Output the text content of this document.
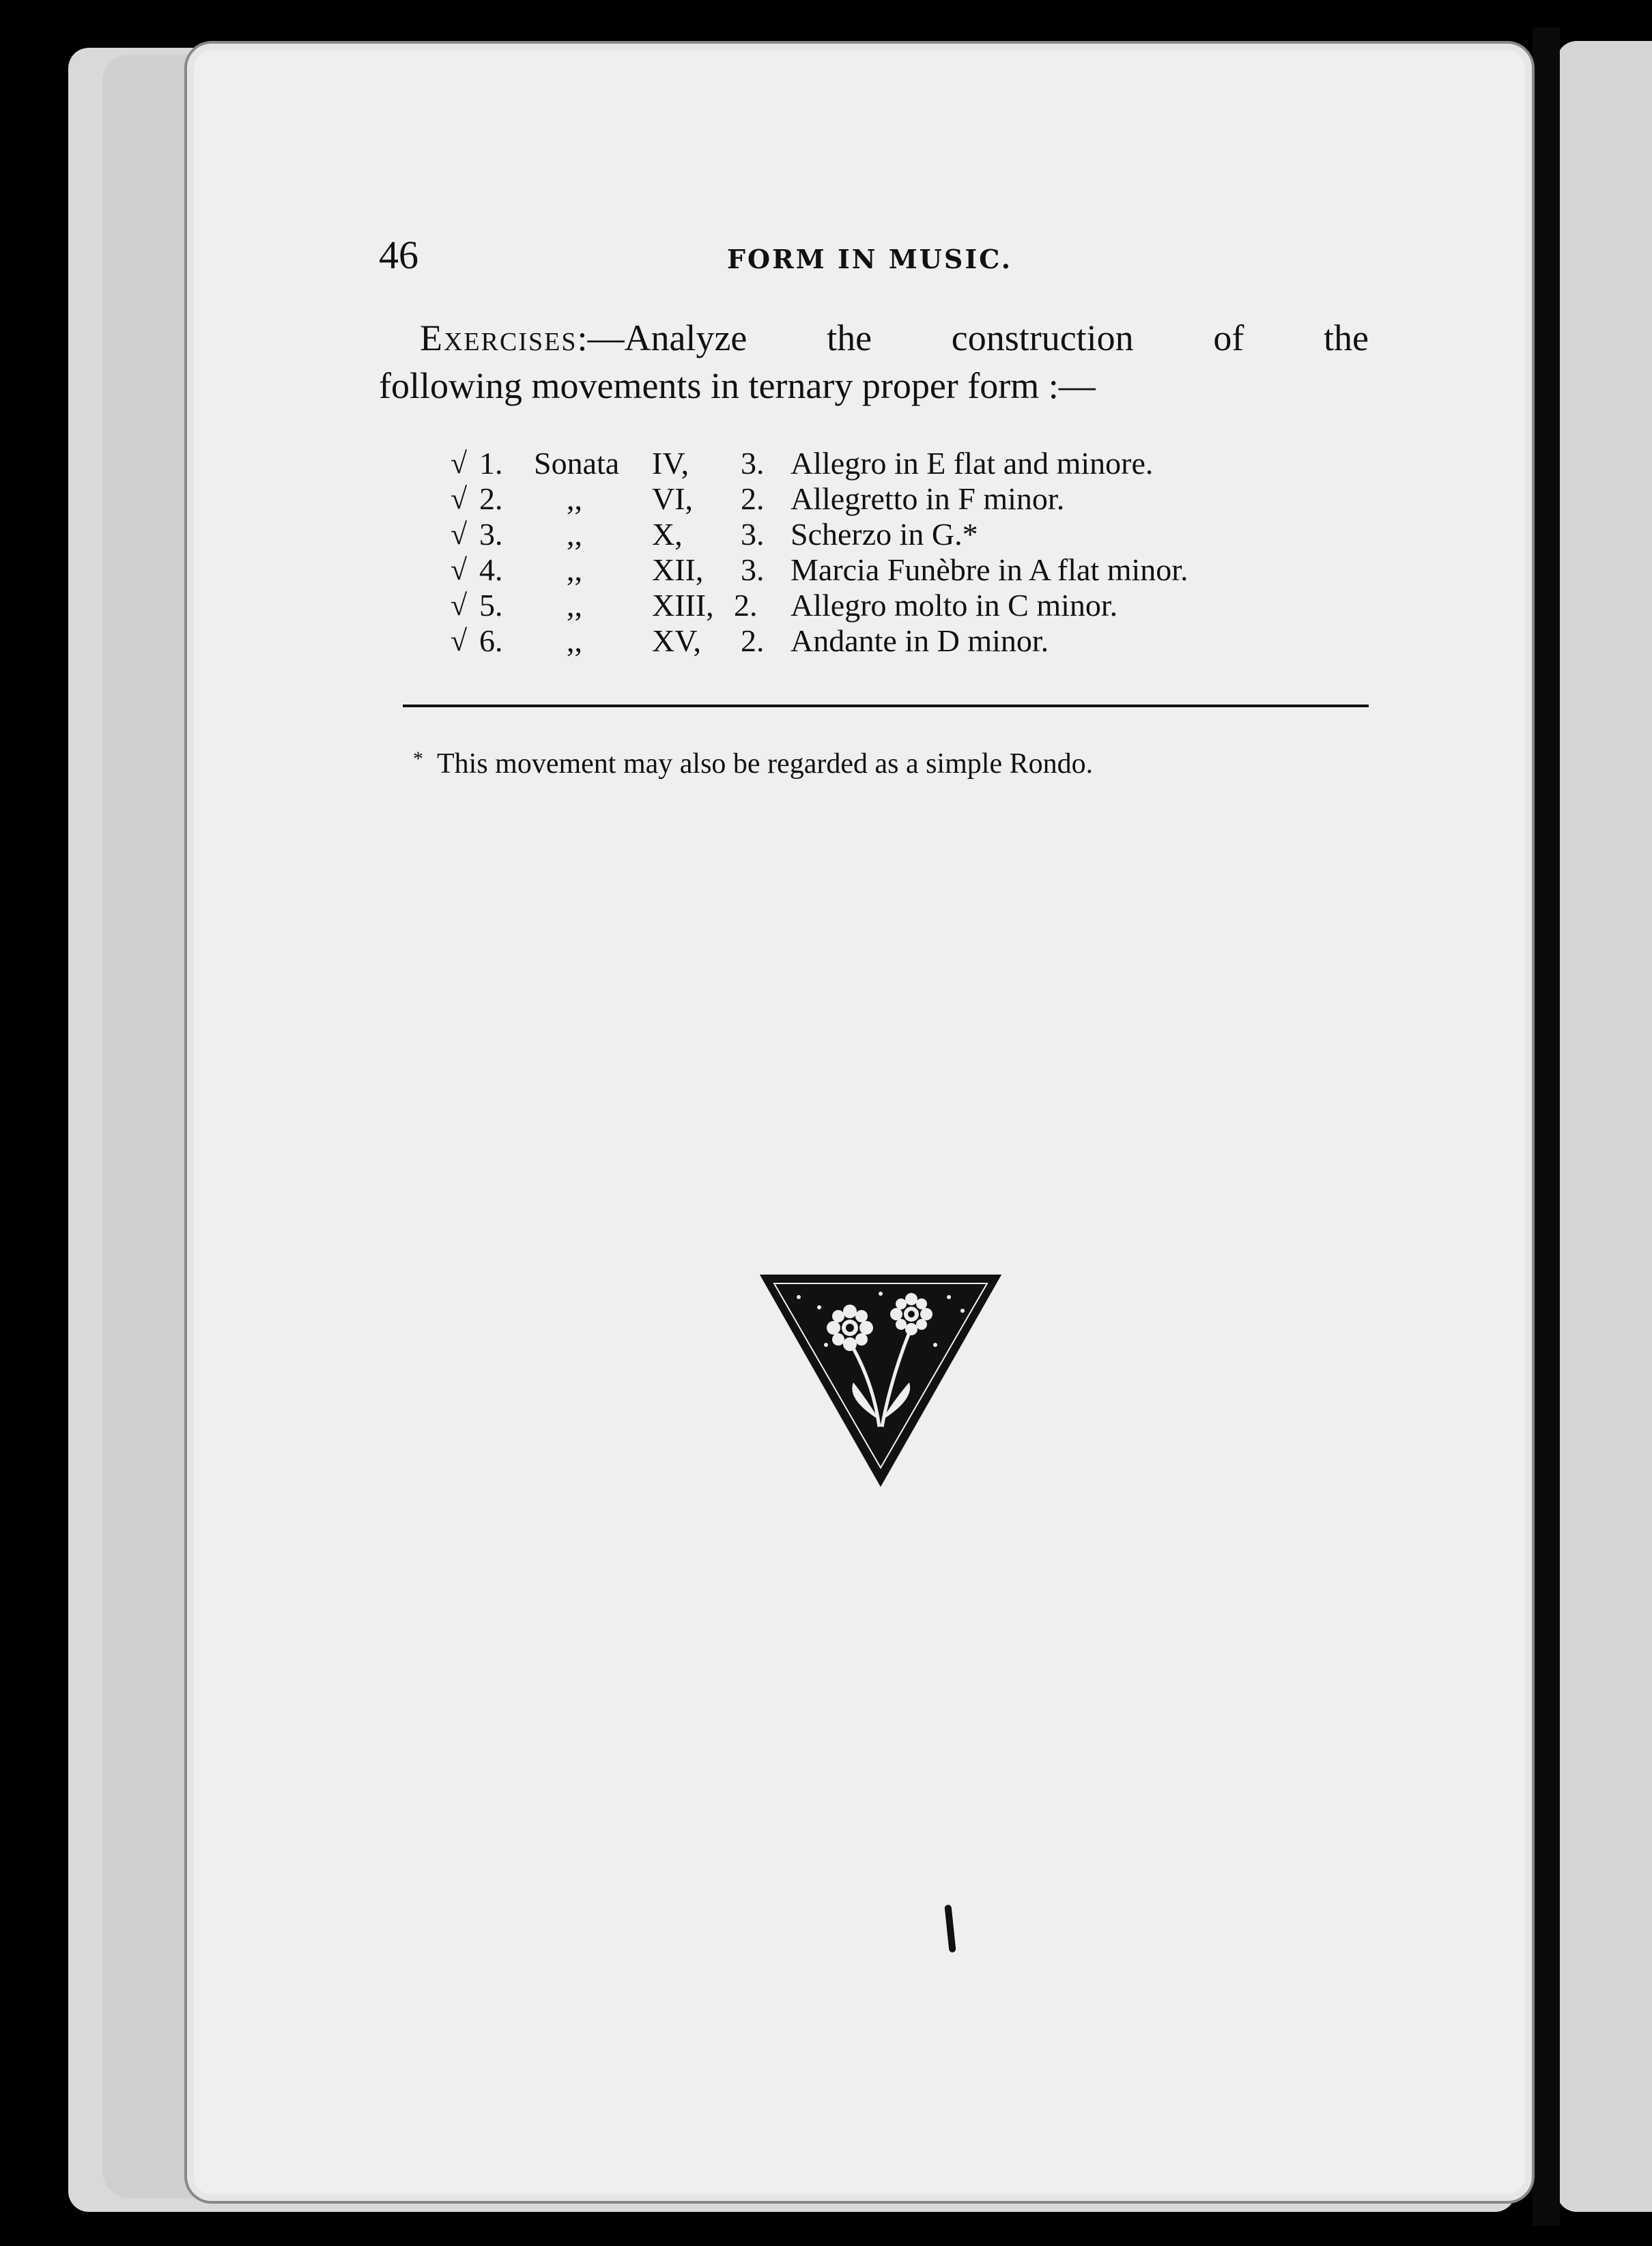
46	FORM IN MUSIC.
Exercises:—Analyze the construction of the
following movements in ternary proper form :—
√ 1. Sonata IV, 3. Allegro in E flat and minore.
√ 2. ,, VI, 2. Allegretto in F minor.
√ 3. ,, X, 3. Scherzo in G.*
√ 4. ,, XII, 3. Marcia Funèbre in A flat minor.
√ 5. ,, XIII, 2. Allegro molto in C minor.
√ 6. ,, XV, 2. Andante in D minor.
* This movement may also be regarded as a simple Rondo.
